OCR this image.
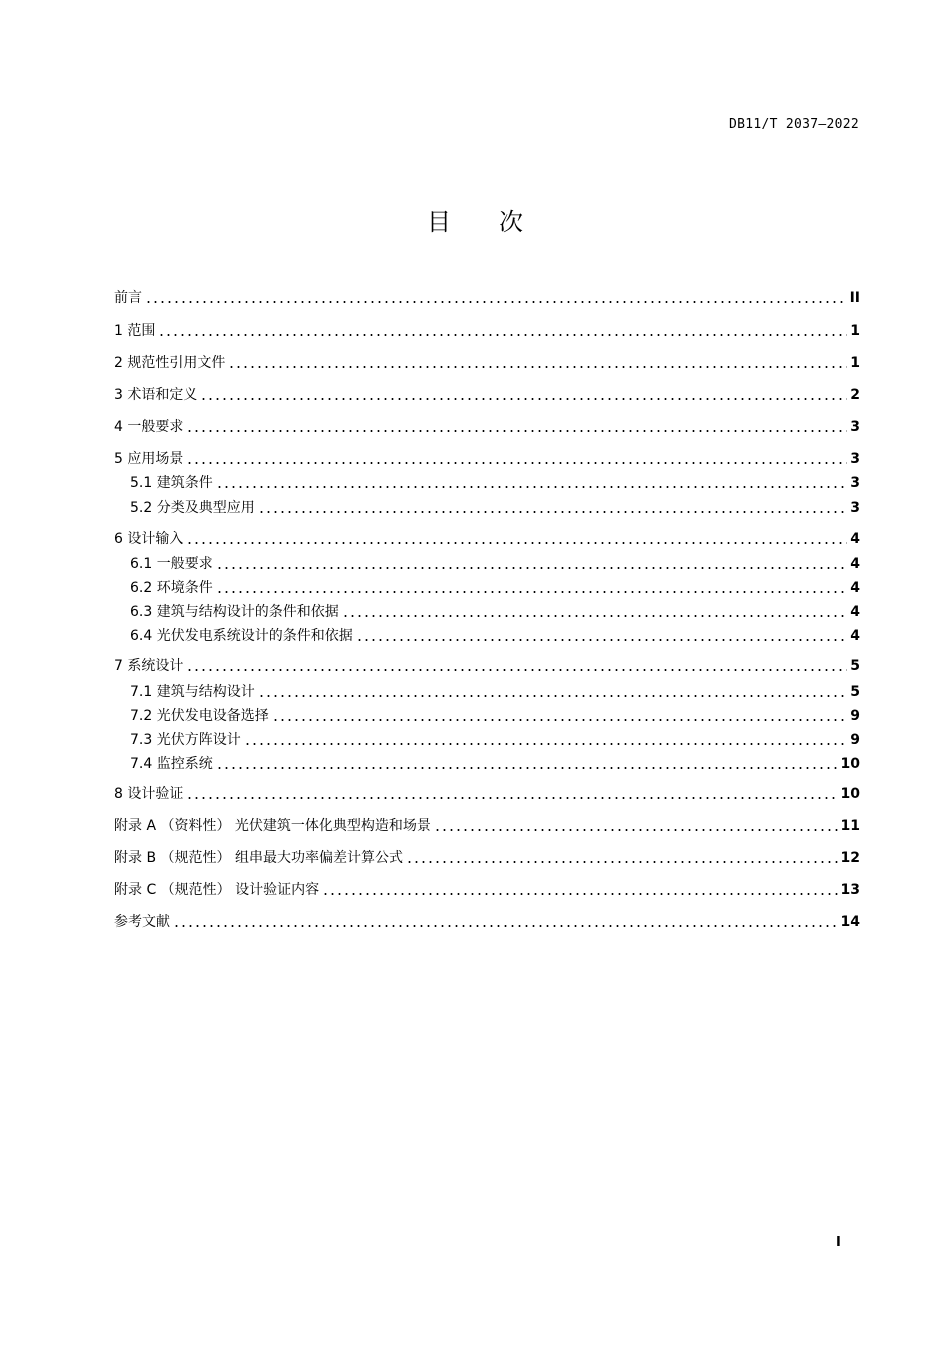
DB11/T 2037—2022
目次
前言	II
1 范围	1
2 规范性引用文件	1
3 术语和定义	2
4 一般要求	3
5 应用场景	3
5.1 建筑条件	3
5.2 分类及典型应用	3
6 设计输入	4
6.1 一般要求	4
6.2 环境条件	4
6.3 建筑与结构设计的条件和依据	4
6.4 光伏发电系统设计的条件和依据	4
7 系统设计	5
7.1 建筑与结构设计	5
7.2 光伏发电设备选择	9
7.3 光伏方阵设计	9
7.4 监控系统	10
8 设计验证	10
附录 A （资料性） 光伏建筑一体化典型构造和场景	11
附录 B （规范性） 组串最大功率偏差计算公式	12
附录 C （规范性） 设计验证内容	13
参考文献	14
I
